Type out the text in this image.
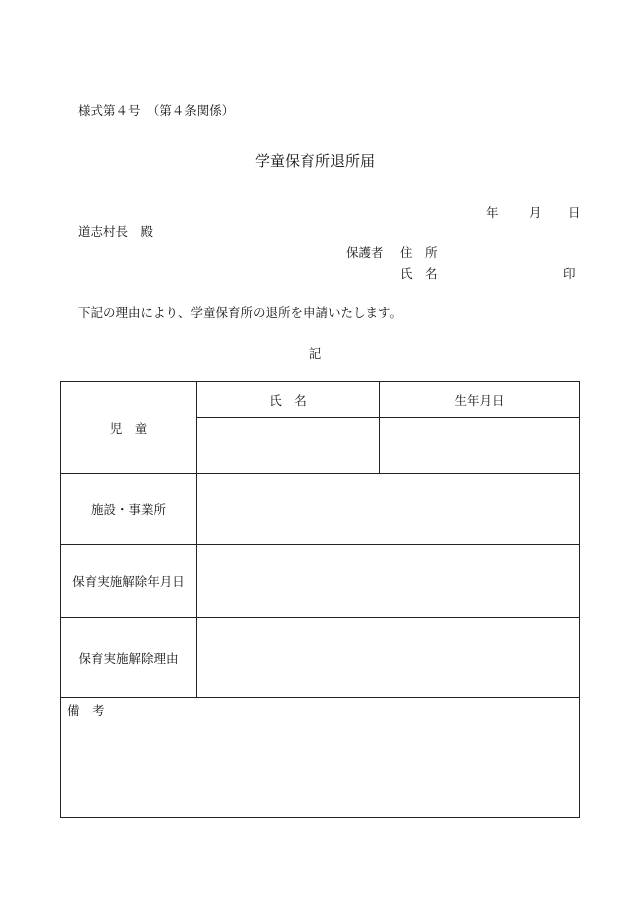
様式第４号　（第４条関係）
学童保育所退所届
年 月 日
道志村長　殿
保護者 住　所
氏　名	印
下記の理由により、学童保育所の退所を申請いたします。
記
児　童	氏　名	生年月日

施設・事業所		
保育実施解除年月日		
保育実施解除理由		
備　考		
